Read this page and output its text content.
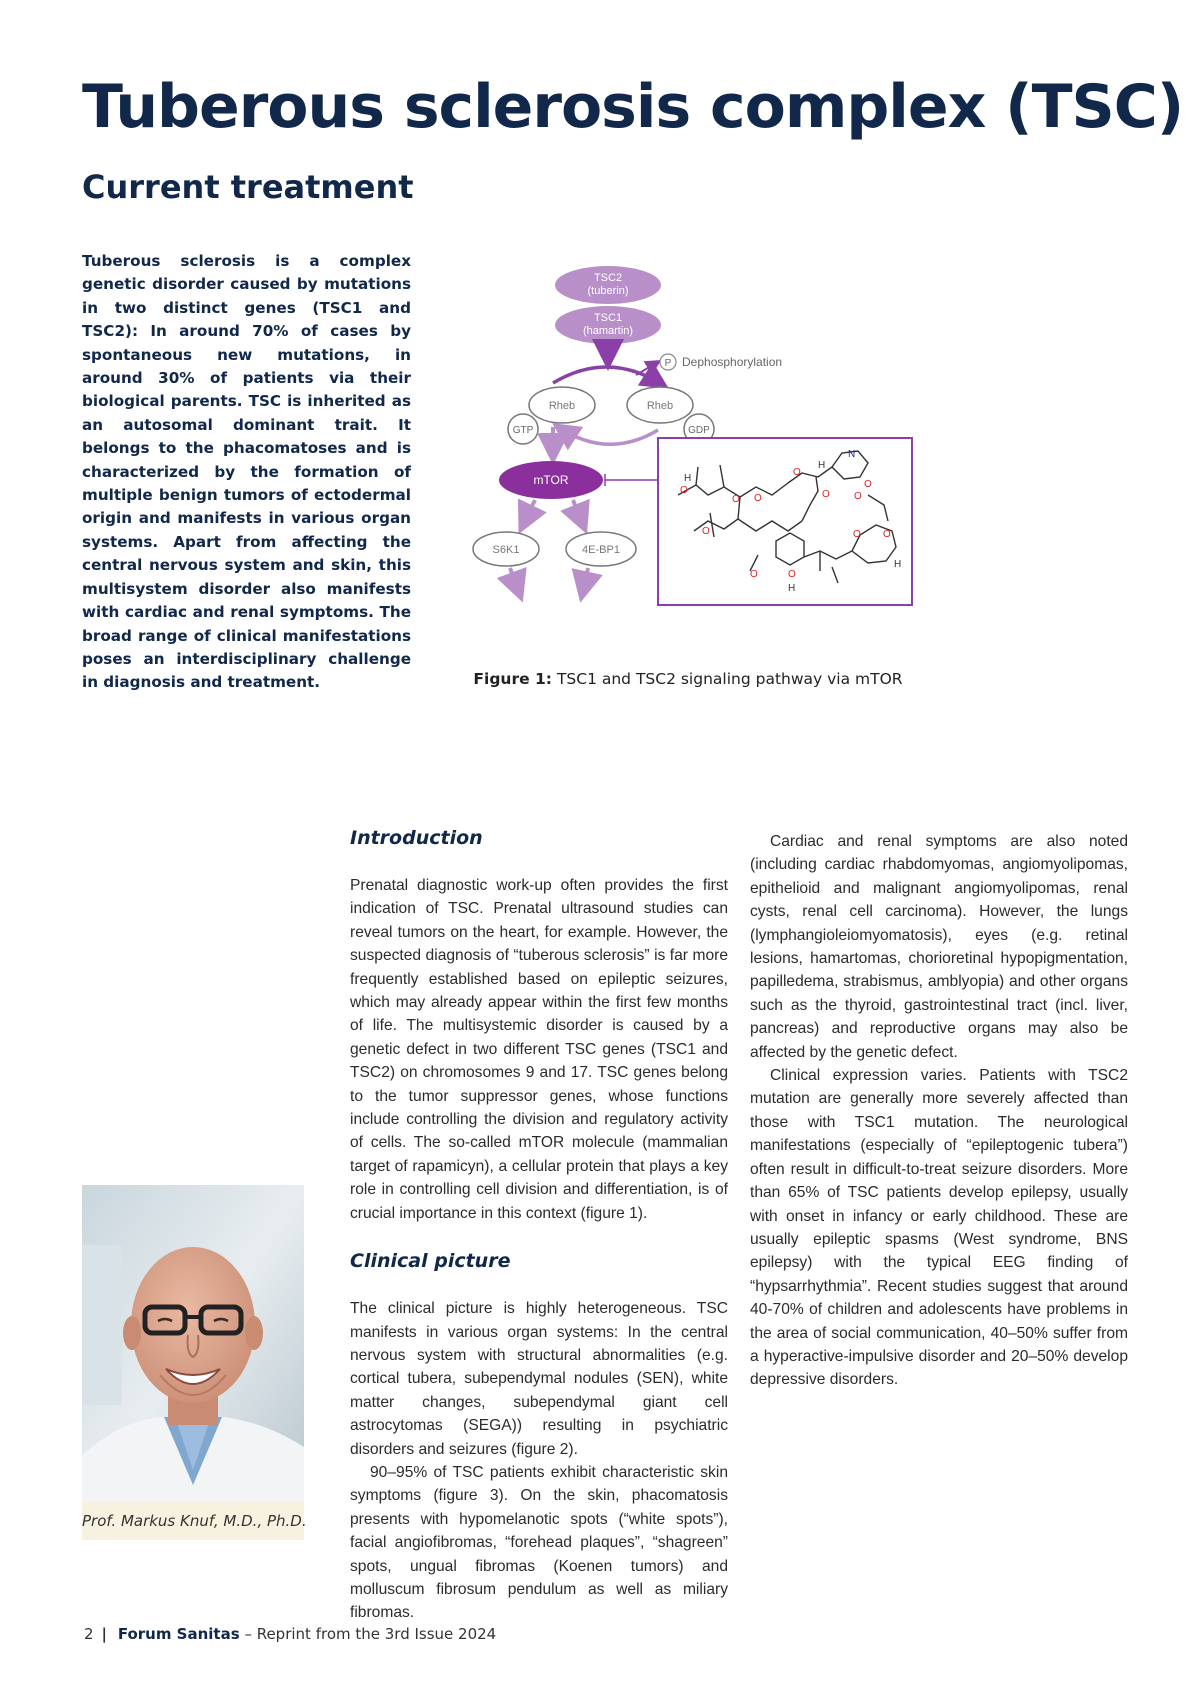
Tuberous sclerosis complex (TSC)
Current treatment

Tuberous sclerosis is a complex genetic disorder caused by mutations in two distinct genes (TSC1 and TSC2): In around 70% of cases by spontaneous new mutations, in around 30% of patients via their biological parents. TSC is inherited as an autosomal dominant trait. It belongs to the phacomatoses and is characterized by the formation of multiple benign tumors of ectodermal origin and manifests in various organ systems. Apart from affecting the central nervous system and skin, this multisystem disorder also manifests with cardiac and renal symptoms. The broad range of clinical manifestations poses an interdisciplinary challenge in diagnosis and treatment.

TSC2
(tuberin)
TSC1
(hamartin)
P Dephosphorylation
Rheb	Rheb
GTP	GDP
mTOR
O
O O
O
O O
O
O O
O	O
O
N
H
H
H
H
S6K1	4E-BP1
Figure 1: TSC1 and TSC2 signaling pathway via mTOR
Introduction

Prenatal diagnostic work-up often provides the first indication of TSC. Prenatal ultrasound studies can reveal tumors on the heart, for example. However, the suspected diagnosis of “tuberous sclerosis” is far more frequently established based on epileptic seizures, which may already appear within the first few months of life. The multisystemic disorder is caused by a genetic defect in two different TSC genes (TSC1 and TSC2) on chromosomes 9 and 17. TSC genes belong to the tumor suppressor genes, whose functions include controlling the division and regulatory activity of cells. The so-called mTOR molecule (mammalian target of rapamicyn), a cellular protein that plays a key role in controlling cell division and differentiation, is of crucial importance in this context (figure 1).

Clinical picture

The clinical picture is highly heterogeneous. TSC manifests in various organ systems: In the central nervous system with structural abnormalities (e.g. cortical tubera, subependymal nodules (SEN), white matter changes, subependymal giant cell astrocytomas (SEGA)) resulting in psychiatric disorders and seizures (figure 2).

90–95% of TSC patients exhibit characteristic skin symptoms (figure 3). On the skin, phacomatosis presents with hypomelanotic spots (“white spots”), facial angiofibromas, “forehead plaques”, “shagreen” spots, ungual fibromas (Koenen tumors) and molluscum fibrosum pendulum as well as miliary fibromas.

Cardiac and renal symptoms are also noted (including cardiac rhabdomyomas, angiomyolipomas, epithelioid and malignant angiomyolipomas, renal cysts, renal cell carcinoma). However, the lungs (lymphangioleiomyomatosis), eyes (e.g. retinal lesions, hamartomas, chorioretinal hypopigmentation, papilledema, strabismus, amblyopia) and other organs such as the thyroid, gastrointestinal tract (incl. liver, pancreas) and reproductive organs may also be affected by the genetic defect.

Clinical expression varies. Patients with TSC2 mutation are generally more severely affected than those with TSC1 mutation. The neurological manifestations (especially of “epileptogenic tubera”) often result in difficult-to-treat seizure disorders. More than 65% of TSC patients develop epilepsy, usually with onset in infancy or early childhood. These are usually epileptic spasms (West syndrome, BNS epilepsy) with the typical EEG finding of “hypsarrhythmia”. Recent studies suggest that around 40-70% of children and adolescents have problems in the area of social communication, 40–50% suffer from a hyperactive-impulsive disorder and 20–50% develop depressive disorders.

Prof. Markus Knuf, M.D., Ph.D.
2 | Forum Sanitas – Reprint from the 3rd Issue 2024
